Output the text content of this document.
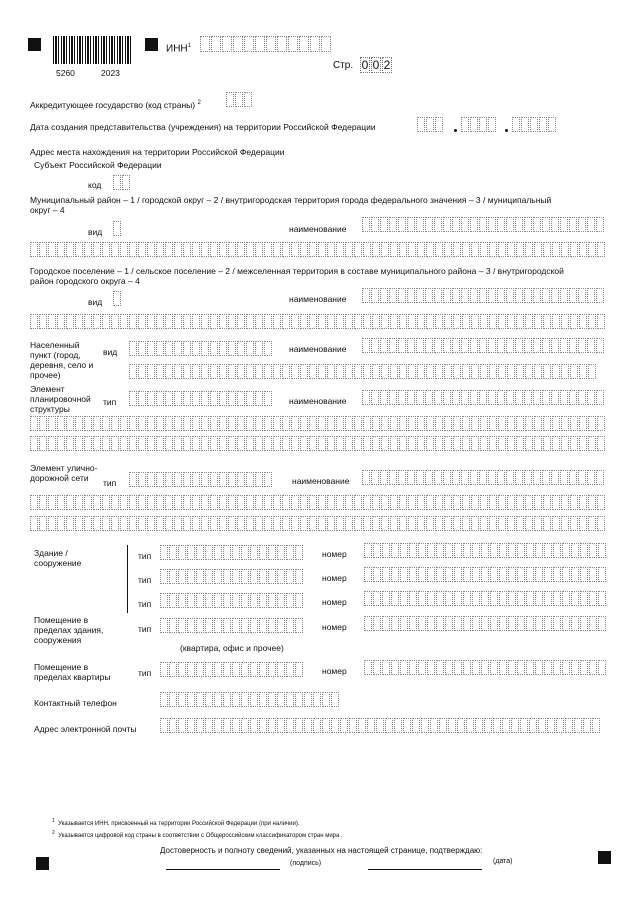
5260	2023
ИНН$^1$
Стр. 0 0 2
Аккредитующее государство (код страны) $^2$
Дата создания представительства (учреждения) на территории Российской Федерации
Адрес места нахождения на территории Российской Федерации
Субъект Российской Федерации
код
Муниципальный район – 1 / городской округ – 2 / внутригородская территория города федерального значения – 3 / муниципальный округ – 4
вид	наименование
Городское поселение – 1 / сельское поселение – 2 / межселенная территория в составе муниципального района – 3 / внутригородской район городского округа – 4
вид	наименование
Населенный пункт (город, деревня, село и прочее)
вид	наименование
Элемент планировочной структуры
тип	наименование
Элемент улично-дорожной сети	тип	наименование
Здание / сооружение
тип	номер
тип	номер
тип	номер
Помещение в пределах здания, сооружения
тип	номер
(квартира, офис и прочее)
Помещение в пределах квартиры	тип	номер
Контактный телефон
Адрес электронной почты
$^1$ Указывается ИНН, присвоенный на территории Российской Федерации (при наличии).
$^2$ Указывается цифровой код страны в соответствии с Общероссийским классификатором стран мира .
Достоверность и полноту сведений, указанных на настоящей странице, подтверждаю:
(подпись)	(дата)
